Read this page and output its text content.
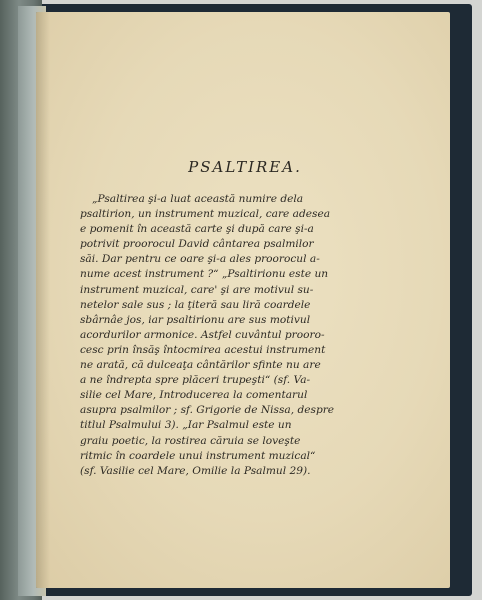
PSALTIREA.
„Psaltirea şi-a luat această numire dela
psaltirion, un instrument muzical, care adesea
e pomenit în această carte şi după care şi-a
potrivit proorocul David cântarea psalmilor
săi. Dar pentru ce oare şi-a ales proorocul a-
nume acest instrument ?“ „Psaltirionu este un
instrument muzical, care' şi are motivul su-
netelor sale sus ; la ţiteră sau liră coardele
sbârnâe jos, iar psaltirionu are sus motivul
acordurilor armonice. Astfel cuvântul prooro-
cesc prin însăş întocmirea acestui instrument
ne arată, că dulceaţa cântărilor sfinte nu are
a ne îndrepta spre plăceri trupeşti“ (sf. Va-
silie cel Mare, Introducerea la comentarul
asupra psalmilor ; sf. Grigorie de Nissa, despre
titlul Psalmului 3). „Iar Psalmul este un
graiu poetic, la rostirea căruia se loveşte
ritmic în coardele unui instrument muzical“
(sf. Vasilie cel Mare, Omilie la Psalmul 29).
